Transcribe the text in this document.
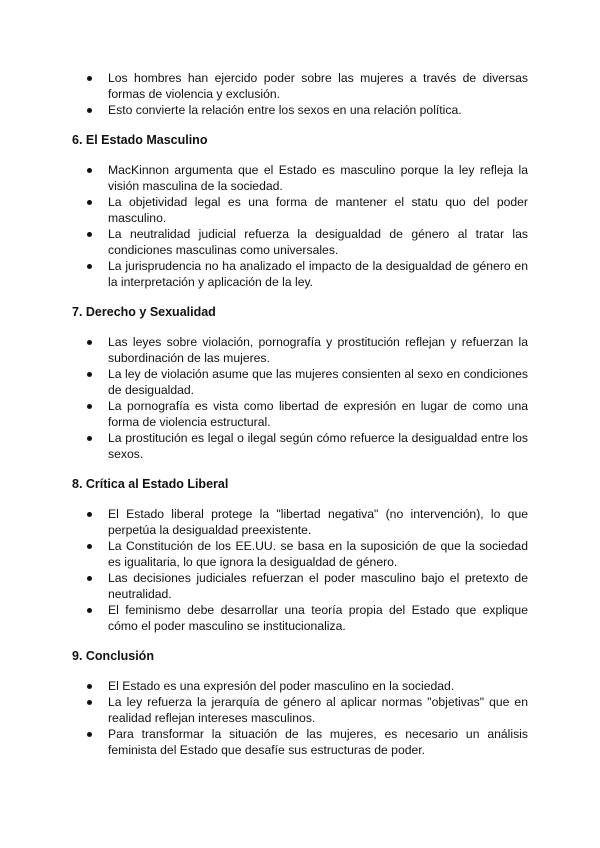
Los hombres han ejercido poder sobre las mujeres a través de diversas formas de violencia y exclusión.
Esto convierte la relación entre los sexos en una relación política.
6. El Estado Masculino
MacKinnon argumenta que el Estado es masculino porque la ley refleja la visión masculina de la sociedad.
La objetividad legal es una forma de mantener el statu quo del poder masculino.
La neutralidad judicial refuerza la desigualdad de género al tratar las condiciones masculinas como universales.
La jurisprudencia no ha analizado el impacto de la desigualdad de género en la interpretación y aplicación de la ley.
7. Derecho y Sexualidad
Las leyes sobre violación, pornografía y prostitución reflejan y refuerzan la subordinación de las mujeres.
La ley de violación asume que las mujeres consienten al sexo en condiciones de desigualdad.
La pornografía es vista como libertad de expresión en lugar de como una forma de violencia estructural.
La prostitución es legal o ilegal según cómo refuerce la desigualdad entre los sexos.
8. Crítica al Estado Liberal
El Estado liberal protege la "libertad negativa" (no intervención), lo que perpetúa la desigualdad preexistente.
La Constitución de los EE.UU. se basa en la suposición de que la sociedad es igualitaria, lo que ignora la desigualdad de género.
Las decisiones judiciales refuerzan el poder masculino bajo el pretexto de neutralidad.
El feminismo debe desarrollar una teoría propia del Estado que explique cómo el poder masculino se institucionaliza.
9. Conclusión
El Estado es una expresión del poder masculino en la sociedad.
La ley refuerza la jerarquía de género al aplicar normas "objetivas" que en realidad reflejan intereses masculinos.
Para transformar la situación de las mujeres, es necesario un análisis feminista del Estado que desafíe sus estructuras de poder.
